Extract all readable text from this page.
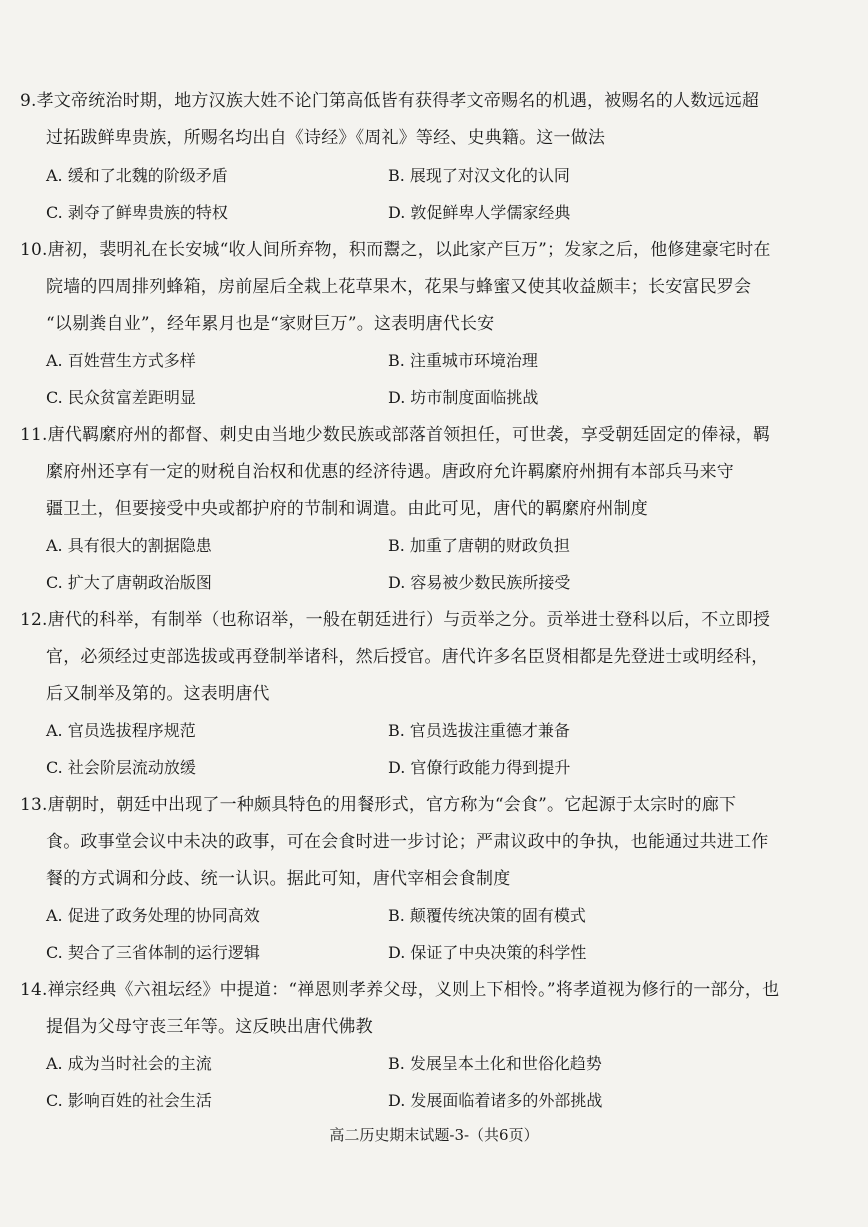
9.孝文帝统治时期，地方汉族大姓不论门第高低皆有获得孝文帝赐名的机遇，被赐名的人数远远超
过拓跋鲜卑贵族，所赐名均出自《诗经》《周礼》等经、史典籍。这一做法
A. 缓和了北魏的阶级矛盾	B. 展现了对汉文化的认同
C. 剥夺了鲜卑贵族的特权	D. 敦促鲜卑人学儒家经典
10.唐初，裴明礼在长安城“收人间所弃物，积而鬻之，以此家产巨万”；发家之后，他修建豪宅时在
院墙的四周排列蜂箱，房前屋后全栽上花草果木，花果与蜂蜜又使其收益颇丰；长安富民罗会
“以剔粪自业”，经年累月也是“家财巨万”。这表明唐代长安
A. 百姓营生方式多样	B. 注重城市环境治理
C. 民众贫富差距明显	D. 坊市制度面临挑战
11.唐代羁縻府州的都督、刺史由当地少数民族或部落首领担任，可世袭，享受朝廷固定的俸禄，羁
縻府州还享有一定的财税自治权和优惠的经济待遇。唐政府允许羁縻府州拥有本部兵马来守
疆卫土，但要接受中央或都护府的节制和调遣。由此可见，唐代的羁縻府州制度
A. 具有很大的割据隐患	B. 加重了唐朝的财政负担
C. 扩大了唐朝政治版图	D. 容易被少数民族所接受
12.唐代的科举，有制举（也称诏举，一般在朝廷进行）与贡举之分。贡举进士登科以后，不立即授
官，必须经过吏部选拔或再登制举诸科，然后授官。唐代许多名臣贤相都是先登进士或明经科，
后又制举及第的。这表明唐代
A. 官员选拔程序规范	B. 官员选拔注重德才兼备
C. 社会阶层流动放缓	D. 官僚行政能力得到提升
13.唐朝时，朝廷中出现了一种颇具特色的用餐形式，官方称为“会食”。它起源于太宗时的廊下
食。政事堂会议中未决的政事，可在会食时进一步讨论；严肃议政中的争执，也能通过共进工作
餐的方式调和分歧、统一认识。据此可知，唐代宰相会食制度
A. 促进了政务处理的协同高效	B. 颠覆传统决策的固有模式
C. 契合了三省体制的运行逻辑	D. 保证了中央决策的科学性
14.禅宗经典《六祖坛经》中提道：“禅恩则孝养父母，义则上下相怜。”将孝道视为修行的一部分，也
提倡为父母守丧三年等。这反映出唐代佛教
A. 成为当时社会的主流	B. 发展呈本土化和世俗化趋势
C. 影响百姓的社会生活	D. 发展面临着诸多的外部挑战
高二历史期末试题-3-（共6页）
